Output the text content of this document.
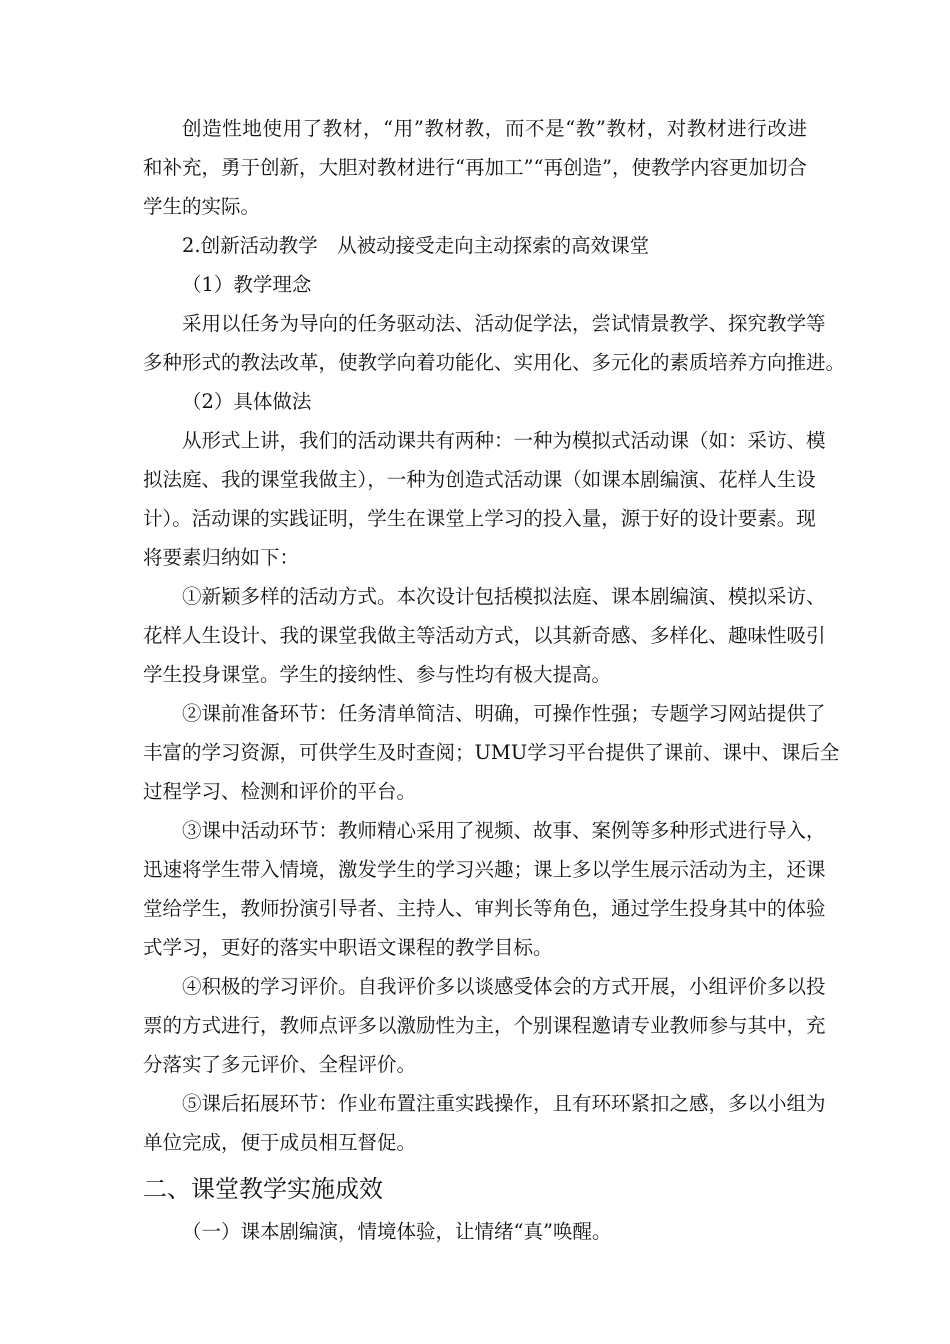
创造性地使用了教材，“用”教材教，而不是“教”教材，对教材进行改进

和补充，勇于创新，大胆对教材进行“再加工”“再创造”，使教学内容更加切合

学生的实际。

2.创新活动教学　从被动接受走向主动探索的高效课堂

（1）教学理念

采用以任务为导向的任务驱动法、活动促学法，尝试情景教学、探究教学等

多种形式的教法改革，使教学向着功能化、实用化、多元化的素质培养方向推进。

（2）具体做法

从形式上讲，我们的活动课共有两种：一种为模拟式活动课（如：采访、模

拟法庭、我的课堂我做主），一种为创造式活动课（如课本剧编演、花样人生设

计）。活动课的实践证明，学生在课堂上学习的投入量，源于好的设计要素。现

将要素归纳如下：

①新颖多样的活动方式。本次设计包括模拟法庭、课本剧编演、模拟采访、

花样人生设计、我的课堂我做主等活动方式，以其新奇感、多样化、趣味性吸引

学生投身课堂。学生的接纳性、参与性均有极大提高。

②课前准备环节：任务清单简洁、明确，可操作性强；专题学习网站提供了

丰富的学习资源，可供学生及时查阅；UMU学习平台提供了课前、课中、课后全

过程学习、检测和评价的平台。

③课中活动环节：教师精心采用了视频、故事、案例等多种形式进行导入，

迅速将学生带入情境，激发学生的学习兴趣；课上多以学生展示活动为主，还课

堂给学生，教师扮演引导者、主持人、审判长等角色，通过学生投身其中的体验

式学习，更好的落实中职语文课程的教学目标。

④积极的学习评价。自我评价多以谈感受体会的方式开展，小组评价多以投

票的方式进行，教师点评多以激励性为主，个别课程邀请专业教师参与其中，充

分落实了多元评价、全程评价。

⑤课后拓展环节：作业布置注重实践操作，且有环环紧扣之感，多以小组为

单位完成，便于成员相互督促。

二、课堂教学实施成效

（一）课本剧编演，情境体验，让情绪“真”唤醒。
